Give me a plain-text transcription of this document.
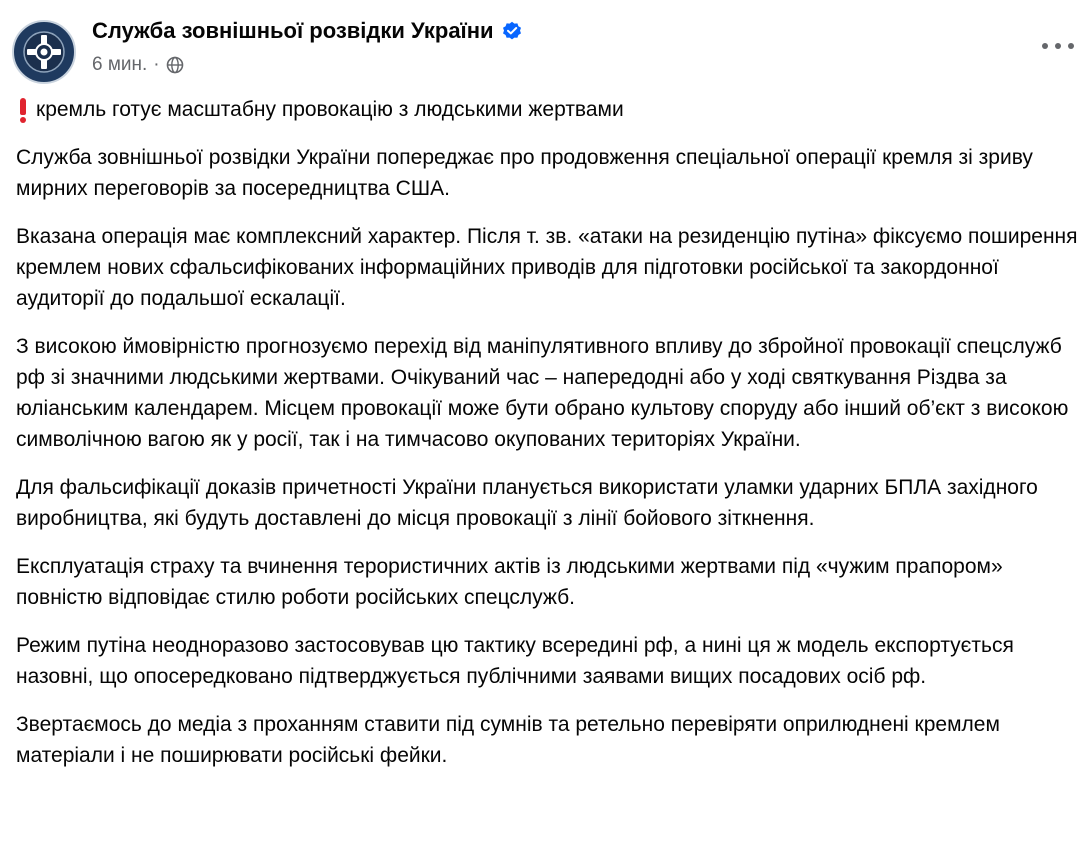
Служба зовнішньої розвідки України
6 мин. ·

кремль готує масштабну провокацію з людськими жертвами

Служба зовнішньої розвідки України попереджає про продовження спеціальної операції кремля зі зриву мирних переговорів за посередництва США.

Вказана операція має комплексний характер. Після т. зв. «атаки на резиденцію путіна» фіксуємо поширення кремлем нових сфальсифікованих інформаційних приводів для підготовки російської та закордонної аудиторії до подальшої ескалації.

З високою ймовірністю прогнозуємо перехід від маніпулятивного впливу до збройної провокації спецслужб рф зі значними людськими жертвами. Очікуваний час – напередодні або у ході святкування Різдва за юліанським календарем. Місцем провокації може бути обрано культову споруду або інший об’єкт з високою символічною вагою як у росії, так і на тимчасово окупованих територіях України.

Для фальсифікації доказів причетності України планується використати уламки ударних БПЛА західного виробництва, які будуть доставлені до місця провокації з лінії бойового зіткнення.

Експлуатація страху та вчинення терористичних актів із людськими жертвами під «чужим прапором» повністю відповідає стилю роботи російських спецслужб.

Режим путіна неодноразово застосовував цю тактику всередині рф, а нині ця ж модель експортується назовні, що опосередковано підтверджується публічними заявами вищих посадових осіб рф.

Звертаємось до медіа з проханням ставити під сумнів та ретельно перевіряти оприлюднені кремлем матеріали і не поширювати російські фейки.
